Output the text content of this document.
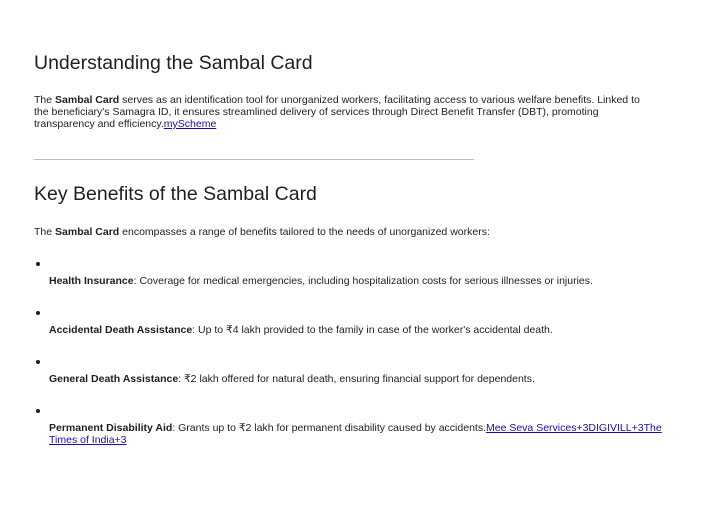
Understanding the Sambal Card

The Sambal Card serves as an identification tool for unorganized workers, facilitating access to various welfare benefits. Linked to the beneficiary's Samagra ID, it ensures streamlined delivery of services through Direct Benefit Transfer (DBT), promoting transparency and efficiency.myScheme

Key Benefits of the Sambal Card

The Sambal Card encompasses a range of benefits tailored to the needs of unorganized workers:

Health Insurance: Coverage for medical emergencies, including hospitalization costs for serious illnesses or injuries.

Accidental Death Assistance: Up to ₹4 lakh provided to the family in case of the worker's accidental death.

General Death Assistance: ₹2 lakh offered for natural death, ensuring financial support for dependents.

Permanent Disability Aid: Grants up to ₹2 lakh for permanent disability caused by accidents.Mee Seva Services+3DIGIVILL+3The Times of India+3
